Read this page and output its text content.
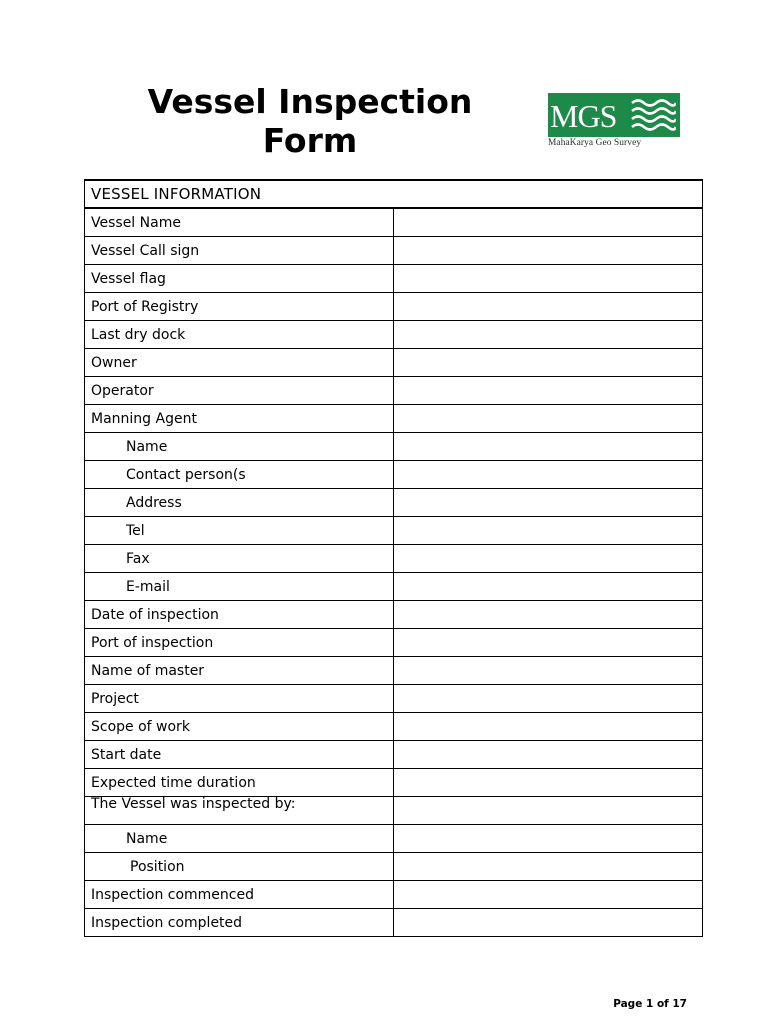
Vessel Inspection Form
MGS
MahaKarya Geo Survey
VESSEL INFORMATION	
Vessel Name	
Vessel Call sign	
Vessel flag	
Port of Registry	
Last dry dock	
Owner	
Operator	
Manning Agent	
Name	
Contact person(s	
Address	
Tel	
Fax	
E-mail	
Date of inspection	
Port of inspection	
Name of master	
Project	
Scope of work	
Start date	
Expected time duration	

The Vessel was inspected by:	

Name	
Position	
Inspection commenced	
Inspection completed	
Page 1 of 17
